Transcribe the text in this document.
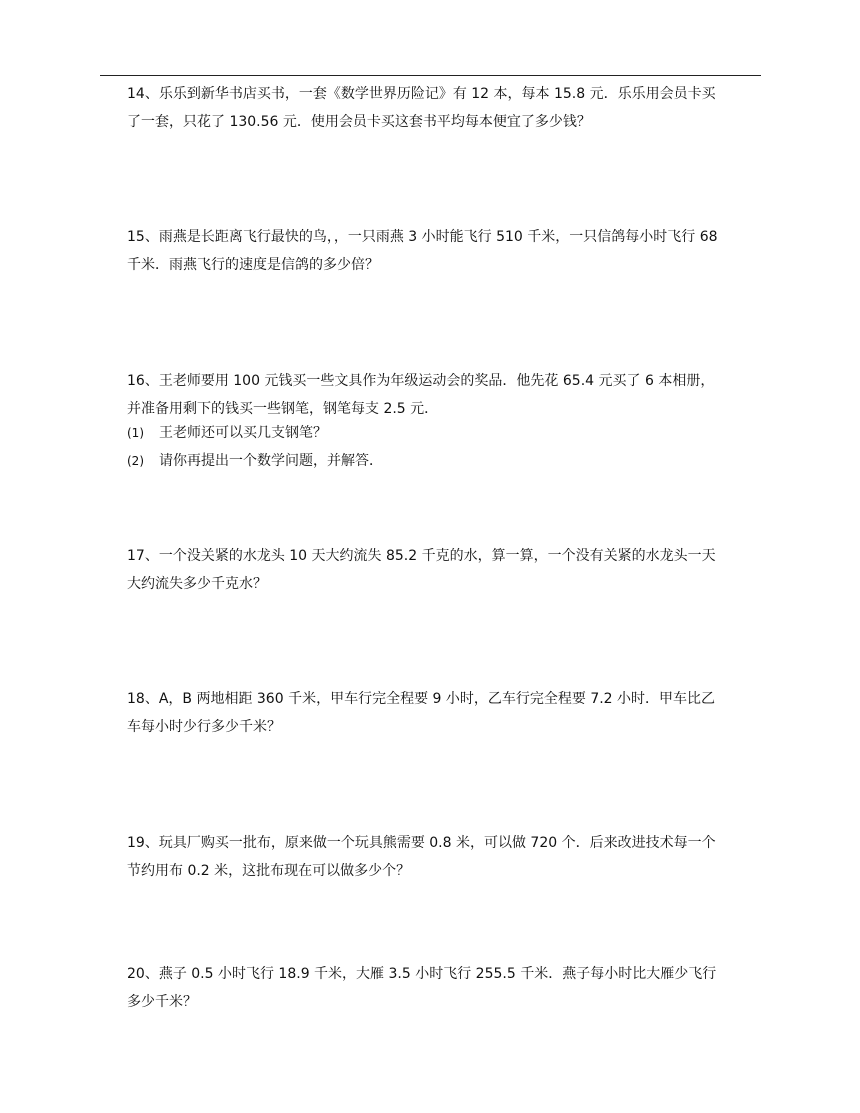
14、乐乐到新华书店买书，一套《数学世界历险记》有 12 本，每本 15.8 元．乐乐用会员卡买
了一套，只花了 130.56 元．使用会员卡买这套书平均每本便宜了多少钱？
15、雨燕是长距离飞行最快的鸟，，一只雨燕 3 小时能飞行 510 千米，一只信鸽每小时飞行 68
千米．雨燕飞行的速度是信鸽的多少倍？
16、王老师要用 100 元钱买一些文具作为年级运动会的奖品．他先花 65.4 元买了 6 本相册，
并准备用剩下的钱买一些钢笔，钢笔每支 2.5 元．
(1) 王老师还可以买几支钢笔？
(2) 请你再提出一个数学问题，并解答．
17、一个没关紧的水龙头 10 天大约流失 85.2 千克的水，算一算，一个没有关紧的水龙头一天
大约流失多少千克水？
18、A，B 两地相距 360 千米，甲车行完全程要 9 小时，乙车行完全程要 7.2 小时．甲车比乙
车每小时少行多少千米？
19、玩具厂购买一批布，原来做一个玩具熊需要 0.8 米，可以做 720 个．后来改进技术每一个
节约用布 0.2 米，这批布现在可以做多少个？
20、燕子 0.5 小时飞行 18.9 千米，大雁 3.5 小时飞行 255.5 千米．燕子每小时比大雁少飞行
多少千米？
